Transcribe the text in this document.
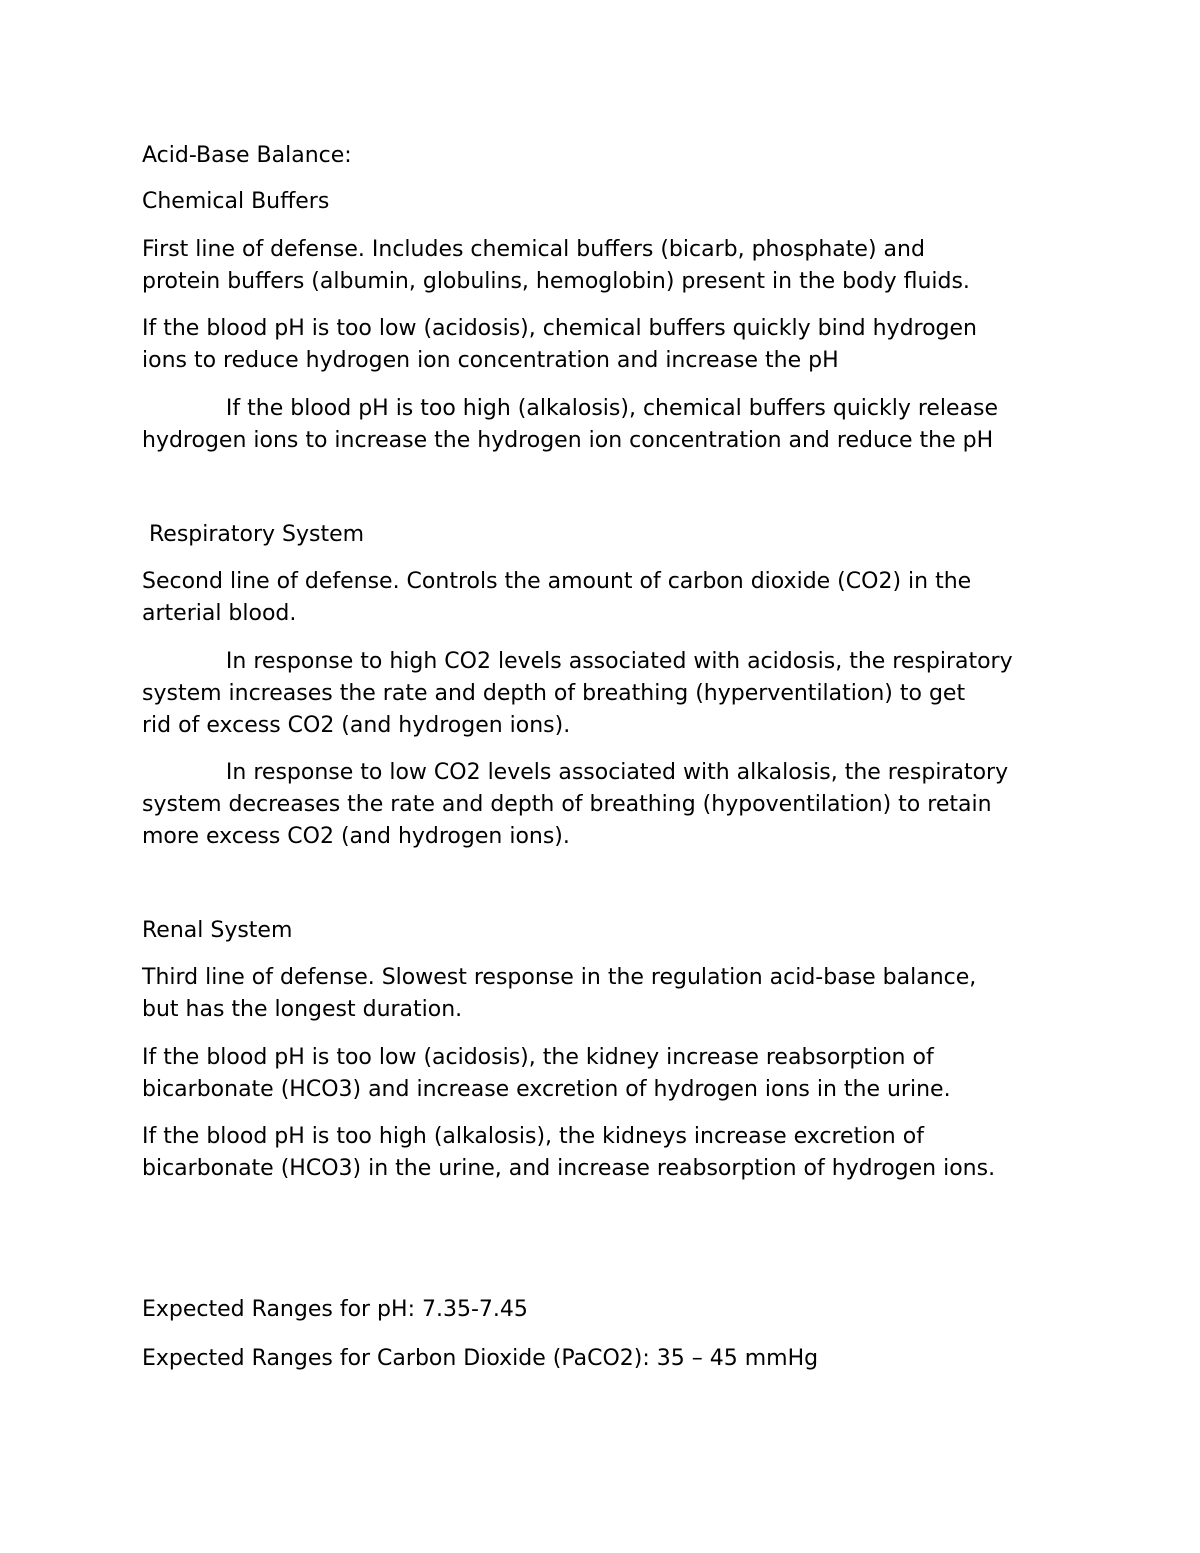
Acid-Base Balance:

Chemical Buffers

First line of defense. Includes chemical buffers (bicarb, phosphate) and
protein buffers (albumin, globulins, hemoglobin) present in the body fluids.

If the blood pH is too low (acidosis), chemical buffers quickly bind hydrogen
ions to reduce hydrogen ion concentration and increase the pH

If the blood pH is too high (alkalosis), chemical buffers quickly release
hydrogen ions to increase the hydrogen ion concentration and reduce the pH

Respiratory System

Second line of defense. Controls the amount of carbon dioxide (CO2) in the
arterial blood.

In response to high CO2 levels associated with acidosis, the respiratory
system increases the rate and depth of breathing (hyperventilation) to get
rid of excess CO2 (and hydrogen ions).

In response to low CO2 levels associated with alkalosis, the respiratory
system decreases the rate and depth of breathing (hypoventilation) to retain
more excess CO2 (and hydrogen ions).

Renal System

Third line of defense. Slowest response in the regulation acid-base balance,
but has the longest duration.

If the blood pH is too low (acidosis), the kidney increase reabsorption of
bicarbonate (HCO3) and increase excretion of hydrogen ions in the urine.

If the blood pH is too high (alkalosis), the kidneys increase excretion of
bicarbonate (HCO3) in the urine, and increase reabsorption of hydrogen ions.

Expected Ranges for pH: 7.35-7.45

Expected Ranges for Carbon Dioxide (PaCO2): 35 – 45 mmHg
